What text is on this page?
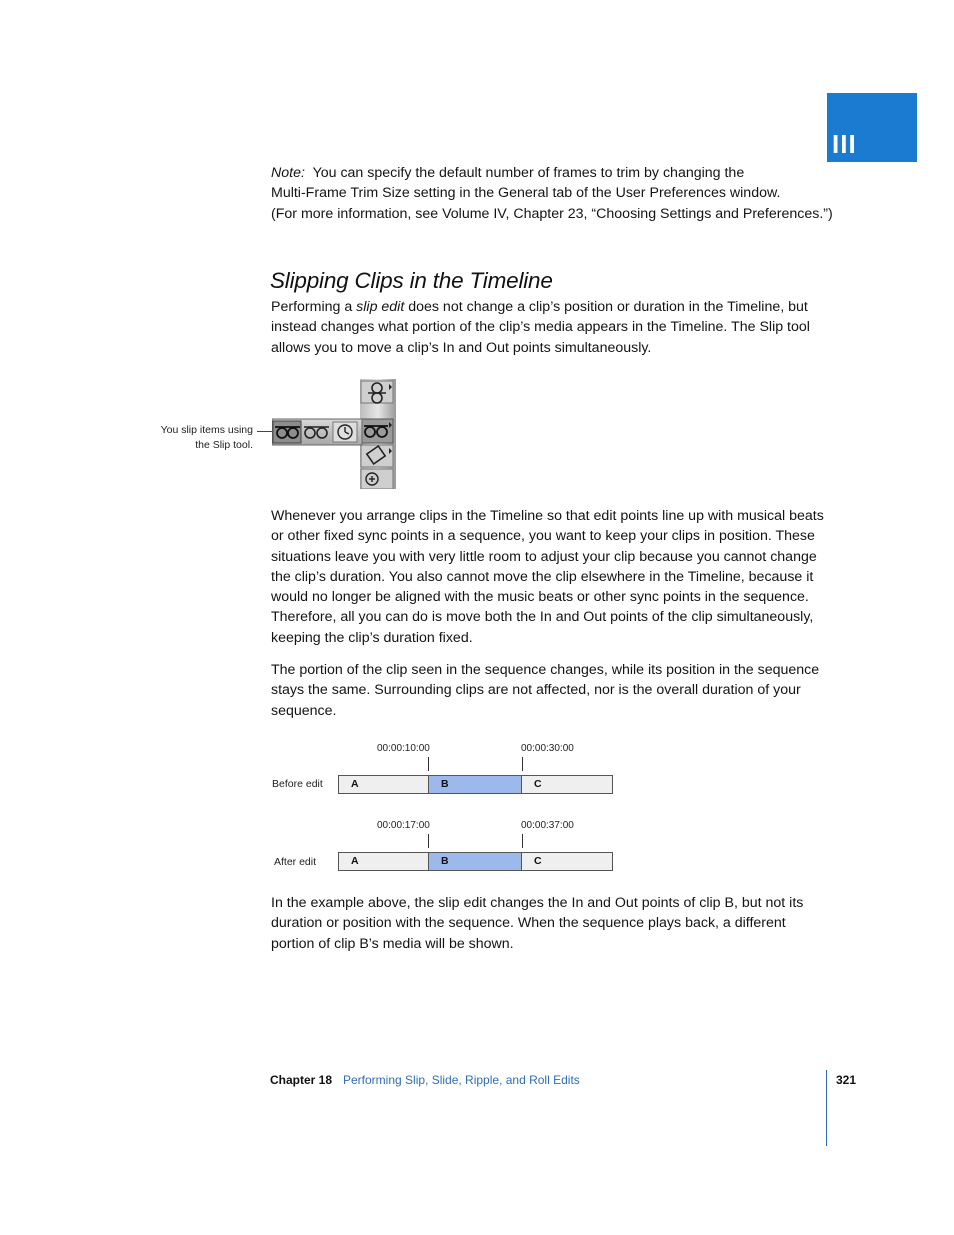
III
Note: You can specify the default number of frames to trim by changing the
Multi-Frame Trim Size setting in the General tab of the User Preferences window.
(For more information, see Volume IV, Chapter 23, “Choosing Settings and Preferences.”)
Slipping Clips in the Timeline
Performing a slip edit does not change a clip’s position or duration in the Timeline, but instead changes what portion of the clip’s media appears in the Timeline. The Slip tool allows you to move a clip’s In and Out points simultaneously.
You slip items using
the Slip tool.
Whenever you arrange clips in the Timeline so that edit points line up with musical beats or other fixed sync points in a sequence, you want to keep your clips in position. These situations leave you with very little room to adjust your clip because you cannot change the clip’s duration. You also cannot move the clip elsewhere in the Timeline, because it would no longer be aligned with the music beats or other sync points in the sequence. Therefore, all you can do is move both the In and Out points of the clip simultaneously, keeping the clip’s duration fixed.
The portion of the clip seen in the sequence changes, while its position in the sequence stays the same. Surrounding clips are not affected, nor is the overall duration of your sequence.
00:00:10:00	00:00:30:00
Before edit	A	B	C
00:00:17:00	00:00:37:00
After edit	A	B	C
In the example above, the slip edit changes the In and Out points of clip B, but not its duration or position with the sequence. When the sequence plays back, a different portion of clip B’s media will be shown.
Chapter 18 Performing Slip, Slide, Ripple, and Roll Edits	321
